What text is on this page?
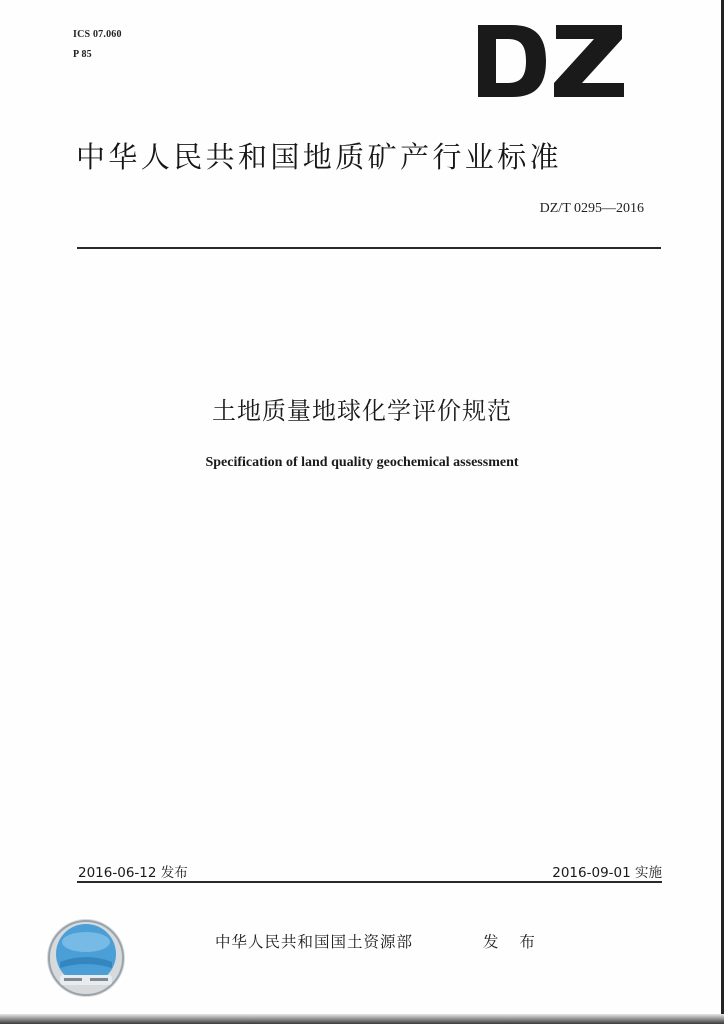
ICS 07.060
P 85
中华人民共和国地质矿产行业标准
DZ/T 0295—2016
土地质量地球化学评价规范
Specification of land quality geochemical assessment
2016-06-12 发布	2016-09-01 实施
中华人民共和国国土资源部	发 布
